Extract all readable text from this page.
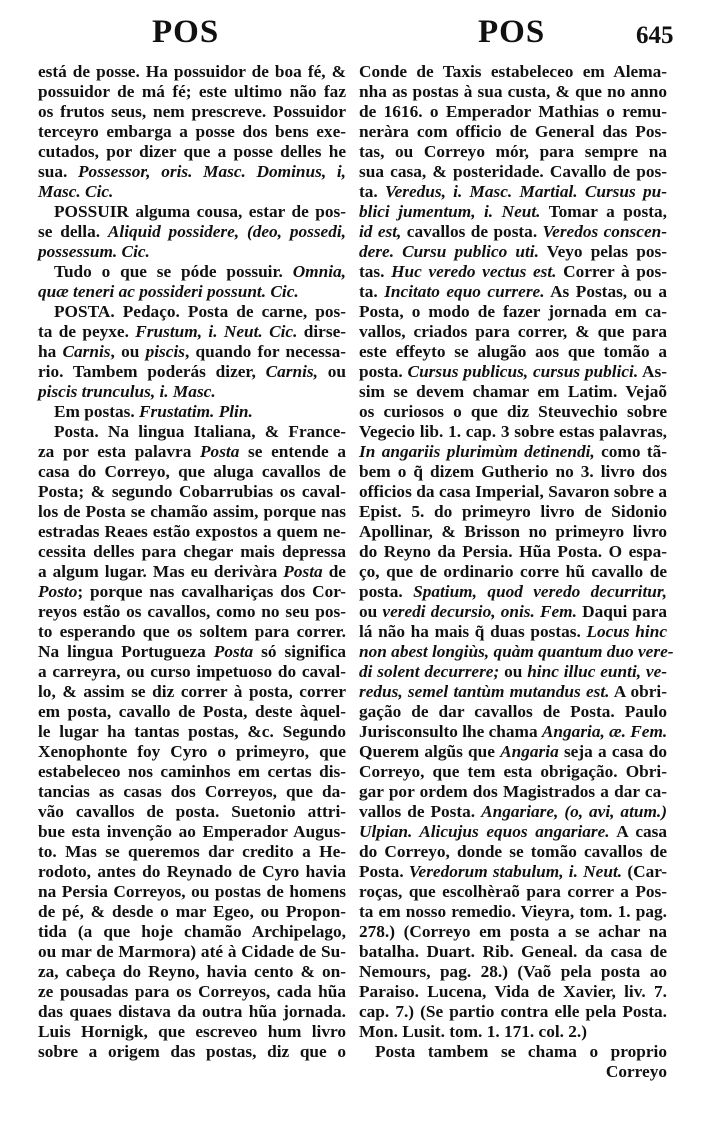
POS	POS	645
está de posse. Ha possuidor de boa fé, &
possuidor de má fé; este ultimo não faz
os frutos seus, nem prescreve. Possuidor
terceyro embarga a posse dos bens exe-
cutados, por dizer que a posse delles he
sua. Possessor, oris. Masc. Dominus, i,
Masc. Cic.
POSSUIR alguma cousa, estar de pos-
se della. Aliquid possidere, (deo, possedi,
possessum. Cic.
Tudo o que se póde possuir. Omnia,
quæ teneri ac possideri possunt. Cic.
POSTA. Pedaço. Posta de carne, pos-
ta de peyxe. Frustum, i. Neut. Cic. dirse-
ha Carnis, ou piscis, quando for necessa-
rio. Tambem poderás dizer, Carnis, ou
piscis trunculus, i. Masc.
Em postas. Frustatim. Plin.
Posta. Na lingua Italiana, & France-
za por esta palavra Posta se entende a
casa do Correyo, que aluga cavallos de
Posta; & segundo Cobarrubias os caval-
los de Posta se chamão assim, porque nas
estradas Reaes estão expostos a quem ne-
cessita delles para chegar mais depressa
a algum lugar. Mas eu derivàra Posta de
Posto; porque nas cavalhariças dos Cor-
reyos estão os cavallos, como no seu pos-
to esperando que os soltem para correr.
Na lingua Portugueza Posta só significa
a carreyra, ou curso impetuoso do caval-
lo, & assim se diz correr à posta, correr
em posta, cavallo de Posta, deste àquel-
le lugar ha tantas postas, &c. Segundo
Xenophonte foy Cyro o primeyro, que
estabeleceo nos caminhos em certas dis-
tancias as casas dos Correyos, que da-
vão cavallos de posta. Suetonio attri-
bue esta invenção ao Emperador Augus-
to. Mas se queremos dar credito a He-
rodoto, antes do Reynado de Cyro havia
na Persia Correyos, ou postas de homens
de pé, & desde o mar Egeo, ou Propon-
tida (a que hoje chamão Archipelago,
ou mar de Marmora) até à Cidade de Su-
za, cabeça do Reyno, havia cento & on-
ze pousadas para os Correyos, cada hũa
das quaes distava da outra hũa jornada.
Luis Hornigk, que escreveo hum livro
sobre a origem das postas, diz que o
Conde de Taxis estabeleceo em Alema-
nha as postas à sua custa, & que no anno
de 1616. o Emperador Mathias o remu-
neràra com officio de General das Pos-
tas, ou Correyo mór, para sempre na
sua casa, & posteridade. Cavallo de pos-
ta. Veredus, i. Masc. Martial. Cursus pu-
blici jumentum, i. Neut. Tomar a posta,
id est, cavallos de posta. Veredos conscen-
dere. Cursu publico uti. Veyo pelas pos-
tas. Huc veredo vectus est. Correr à pos-
ta. Incitato equo currere. As Postas, ou a
Posta, o modo de fazer jornada em ca-
vallos, criados para correr, & que para
este effeyto se alugão aos que tomão a
posta. Cursus publicus, cursus publici. As-
sim se devem chamar em Latim. Vejaõ
os curiosos o que diz Steuvechio sobre
Vegecio lib. 1. cap. 3 sobre estas palavras,
In angariis plurimùm detinendi, como tã-
bem o q̃ dizem Gutherio no 3. livro dos
officios da casa Imperial, Savaron sobre a
Epist. 5. do primeyro livro de Sidonio
Apollinar, & Brisson no primeyro livro
do Reyno da Persia. Hũa Posta. O espa-
ço, que de ordinario corre hũ cavallo de
posta. Spatium, quod veredo decurritur,
ou veredi decursio, onis. Fem. Daqui para
lá não ha mais q̃ duas postas. Locus hinc
non abest longiùs, quàm quantum duo vere-
di solent decurrere; ou hinc illuc eunti, ve-
redus, semel tantùm mutandus est. A obri-
gação de dar cavallos de Posta. Paulo
Jurisconsulto lhe chama Angaria, æ. Fem.
Querem algũs que Angaria seja a casa do
Correyo, que tem esta obrigação. Obri-
gar por ordem dos Magistrados a dar ca-
vallos de Posta. Angariare, (o, avi, atum.)
Ulpian. Alicujus equos angariare. A casa
do Correyo, donde se tomão cavallos de
Posta. Veredorum stabulum, i. Neut. (Car-
roças, que escolhèraõ para correr a Pos-
ta em nosso remedio. Vieyra, tom. 1. pag.
278.) (Correyo em posta a se achar na
batalha. Duart. Rib. Geneal. da casa de
Nemours, pag. 28.) (Vaõ pela posta ao
Paraiso. Lucena, Vida de Xavier, liv. 7.
cap. 7.) (Se partio contra elle pela Posta.
Mon. Lusit. tom. 1. 171. col. 2.)
Posta tambem se chama o proprio
Correyo
